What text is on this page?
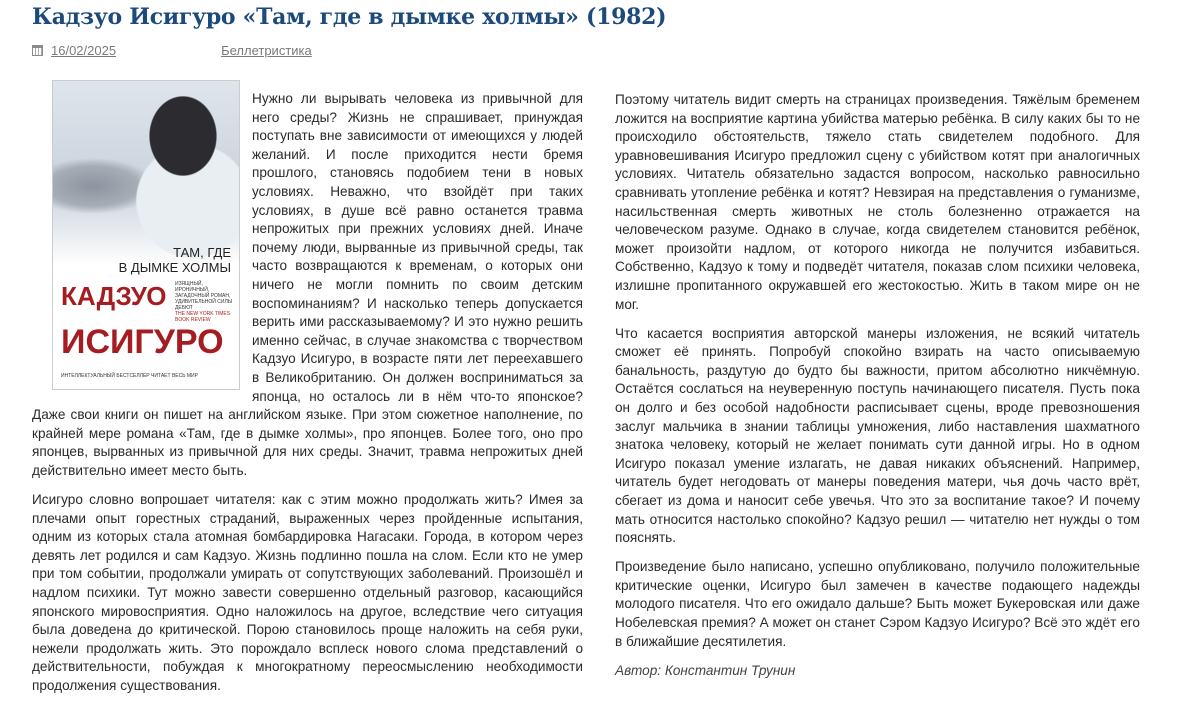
Кадзуо Исигуро «Там, где в дымке холмы» (1982)
16/02/2025	Беллетристика
ТАМ, ГДЕ
В ДЫМКЕ ХОЛМЫ
КАДЗУО ИЗЯЩНЫЙ, ИРОНИЧНЫЙ, ЗАГАДОЧНЫЙ РОМАН, УДИВИТЕЛЬНОЙ СИЛЫ ДЕБЮТ
THE NEW YORK TIMES BOOK REVIEW
ИСИГУРО
ИНТЕЛЛЕКТУАЛЬНЫЙ БЕСТСЕЛЛЕР ЧИТАЕТ ВЕСЬ МИР

Нужно ли вырывать человека из привычной для него среды? Жизнь не спрашивает, принуждая поступать вне зависимости от имеющихся у людей желаний. И после приходится нести бремя прошлого, становясь подобием тени в новых условиях. Неважно, что взойдёт при таких условиях, в душе всё равно останется травма непрожитых при прежних условиях дней. Иначе почему люди, вырванные из привычной среды, так часто возвращаются к временам, о которых они ничего не могли помнить по своим детским воспоминаниям? И насколько теперь допускается верить ими рассказываемому? И это нужно решить именно сейчас, в случае знакомства с творчеством Кадзуо Исигуро, в возрасте пяти лет переехавшего в Великобританию. Он должен восприниматься за японца, но осталось ли в нём что-то японское? Даже свои книги он пишет на английском языке. При этом сюжетное наполнение, по крайней мере романа «Там, где в дымке холмы», про японцев. Более того, оно про японцев, вырванных из привычной для них среды. Значит, травма непрожитых дней действительно имеет место быть.

Исигуро словно вопрошает читателя: как с этим можно продолжать жить? Имея за плечами опыт горестных страданий, выраженных через пройденные испытания, одним из которых стала атомная бомбардировка Нагасаки. Города, в котором через девять лет родился и сам Кадзуо. Жизнь подлинно пошла на слом. Если кто не умер при том событии, продолжали умирать от сопутствующих заболеваний. Произошёл и надлом психики. Тут можно завести совершенно отдельный разговор, касающийся японского мировосприятия. Одно наложилось на другое, вследствие чего ситуация была доведена до критической. Порою становилось проще наложить на себя руки, нежели продолжать жить. Это порождало всплеск нового слома представлений о действительности, побуждая к многократному переосмыслению необходимости продолжения существования.

Поэтому читатель видит смерть на страницах произведения. Тяжёлым бременем ложится на восприятие картина убийства матерью ребёнка. В силу каких бы то не происходило обстоятельств, тяжело стать свидетелем подобного. Для уравновешивания Исигуро предложил сцену с убийством котят при аналогичных условиях. Читатель обязательно задастся вопросом, насколько равносильно сравнивать утопление ребёнка и котят? Невзирая на представления о гуманизме, насильственная смерть животных не столь болезненно отражается на человеческом разуме. Однако в случае, когда свидетелем становится ребёнок, может произойти надлом, от которого никогда не получится избавиться. Собственно, Кадзуо к тому и подведёт читателя, показав слом психики человека, излишне пропитанного окружавшей его жестокостью. Жить в таком мире он не мог.

Что касается восприятия авторской манеры изложения, не всякий читатель сможет её принять. Попробуй спокойно взирать на часто описываемую банальность, раздутую до будто бы важности, притом абсолютно никчёмную. Остаётся сослаться на неуверенную поступь начинающего писателя. Пусть пока он долго и без особой надобности расписывает сцены, вроде превозношения заслуг мальчика в знании таблицы умножения, либо наставления шахматного знатока человеку, который не желает понимать сути данной игры. Но в одном Исигуро показал умение излагать, не давая никаких объяснений. Например, читатель будет негодовать от манеры поведения матери, чья дочь часто врёт, сбегает из дома и наносит себе увечья. Что это за воспитание такое? И почему мать относится настолько спокойно? Кадзуо решил — читателю нет нужды о том пояснять.

Произведение было написано, успешно опубликовано, получило положительные критические оценки, Исигуро был замечен в качестве подающего надежды молодого писателя. Что его ожидало дальше? Быть может Букеровская или даже Нобелевская премия? А может он станет Сэром Кадзуо Исигуро? Всё это ждёт его в ближайшие десятилетия.

Автор: Константин Трунин
